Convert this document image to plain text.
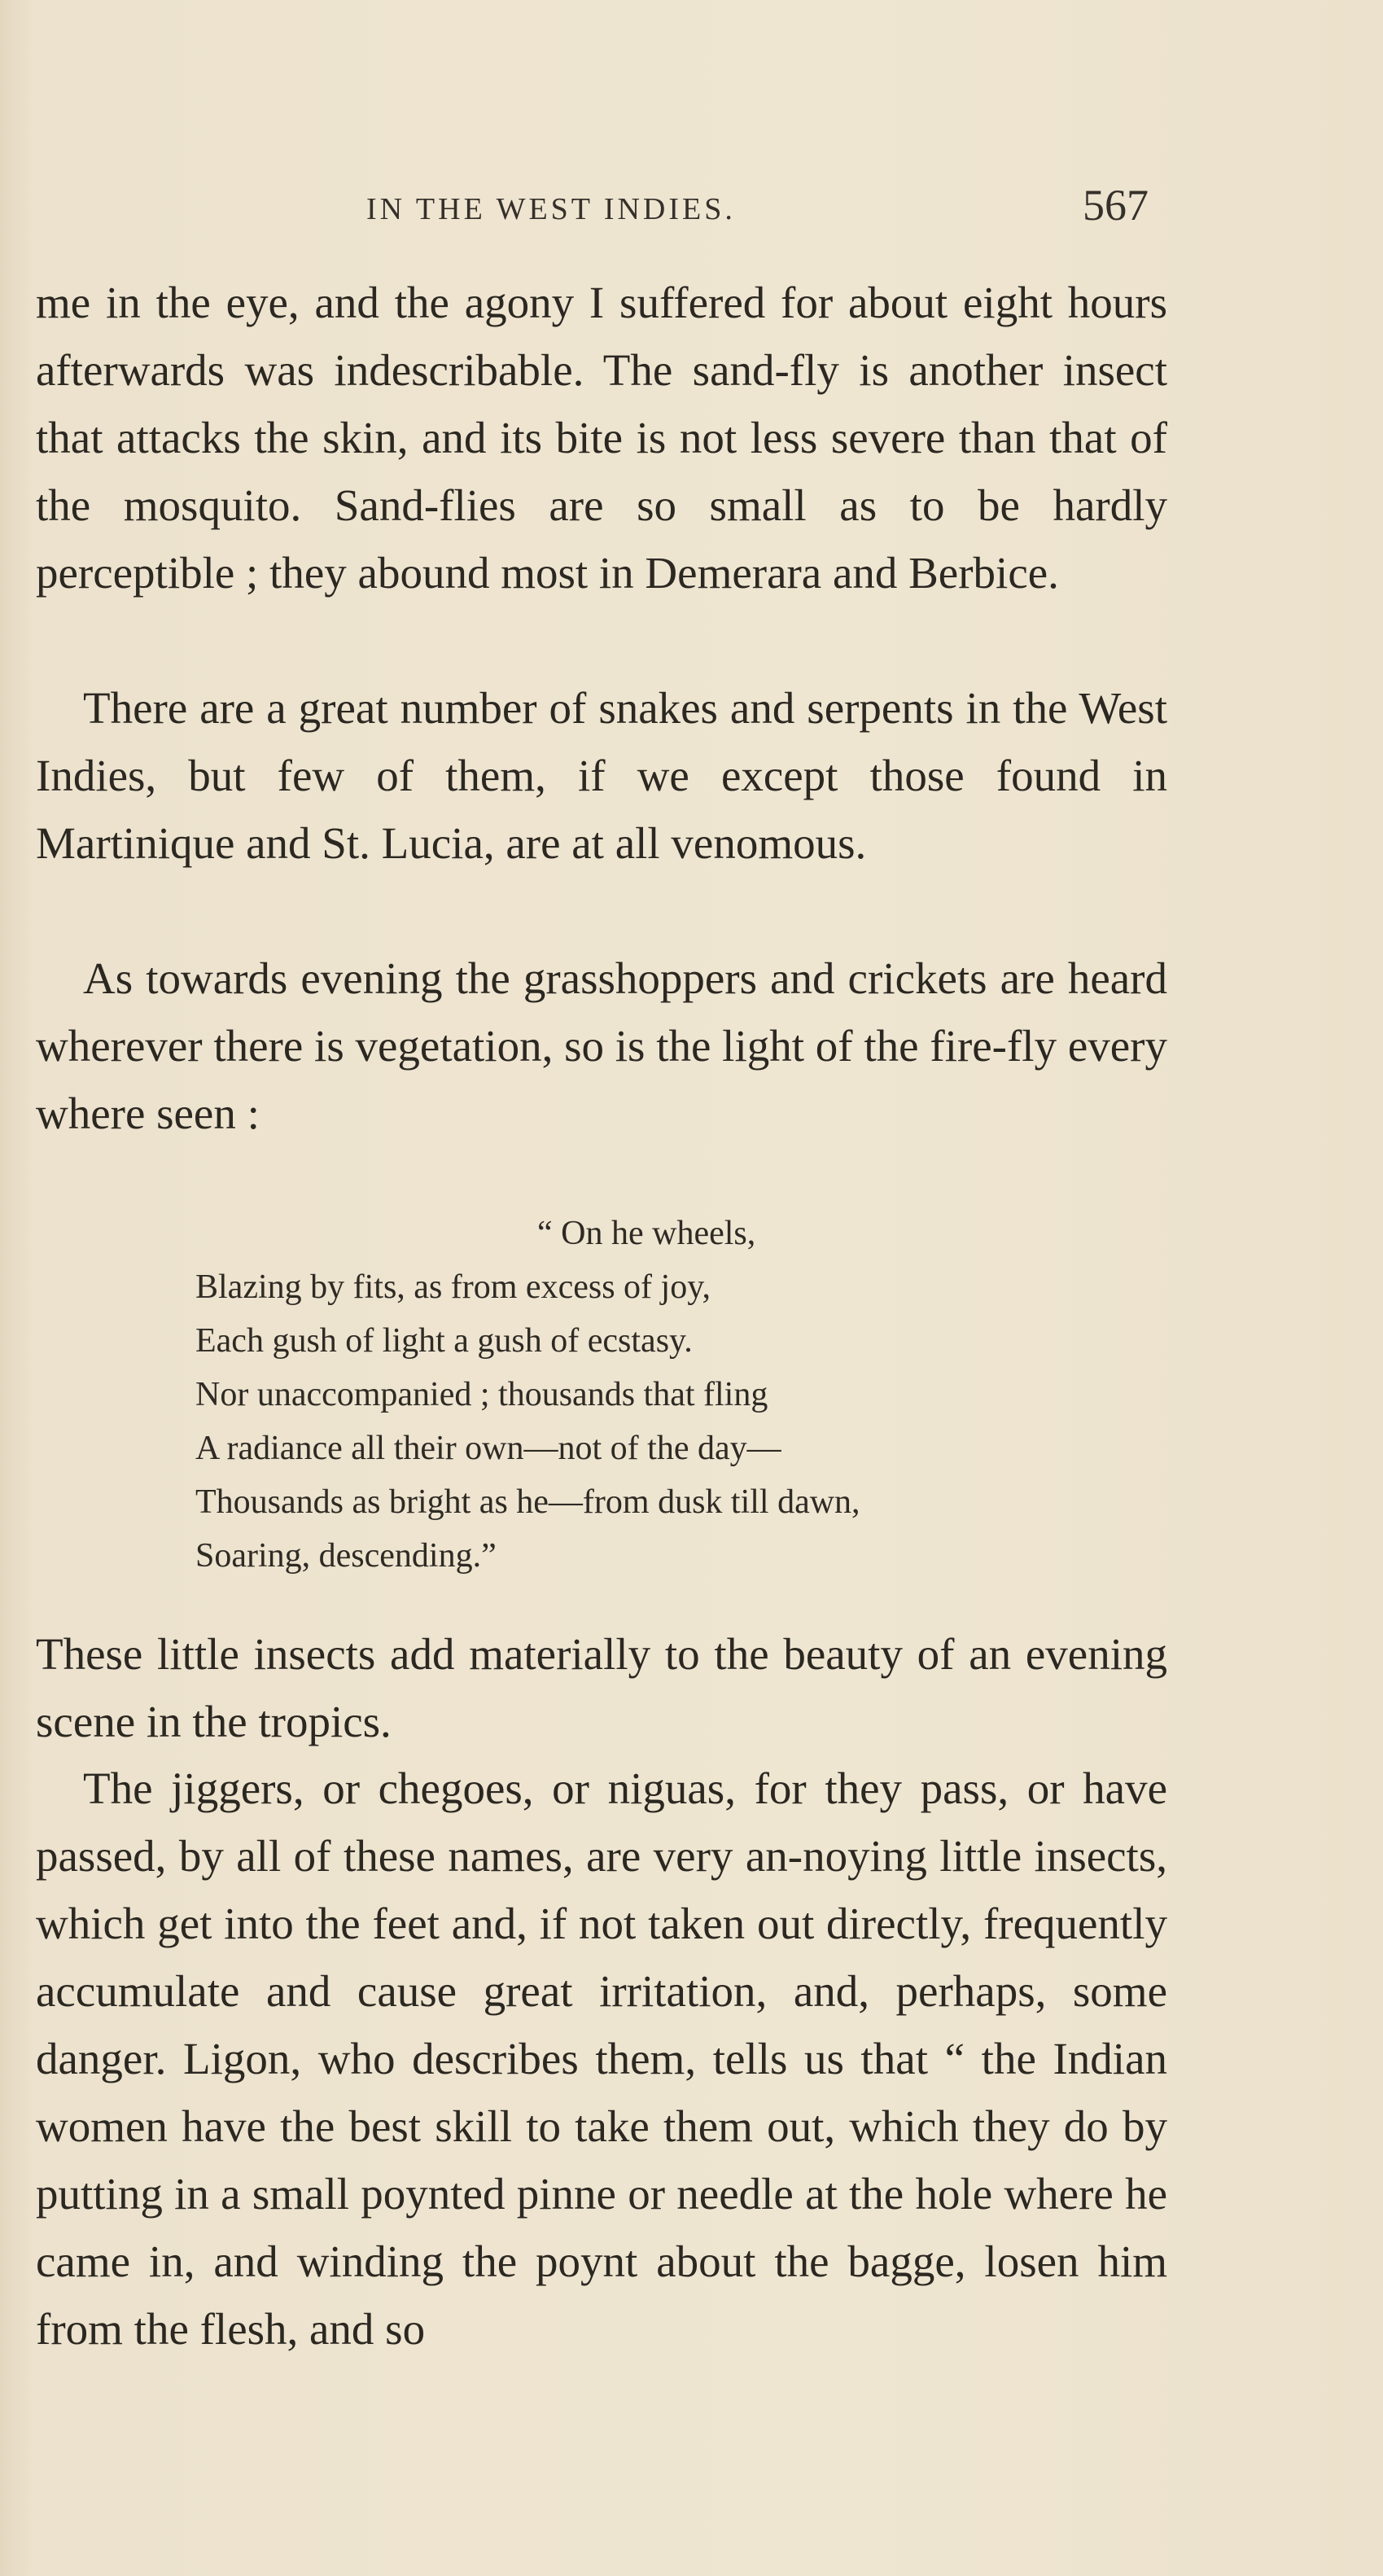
IN THE WEST INDIES.	567

me in the eye, and the agony I suffered for about eight hours afterwards was indescribable. The sand-fly is another insect that attacks the skin, and its bite is not less severe than that of the mosquito. Sand-flies are so small as to be hardly perceptible ; they abound most in Demerara and Berbice.

There are a great number of snakes and serpents in the West Indies, but few of them, if we except those found in Martinique and St. Lucia, are at all venomous.

As towards evening the grasshoppers and crickets are heard wherever there is vegetation, so is the light of the fire-fly every where seen :

“ On he wheels,
Blazing by fits, as from excess of joy,
Each gush of light a gush of ecstasy.
Nor unaccompanied ; thousands that fling
A radiance all their own—not of the day—
Thousands as bright as he—from dusk till dawn,
Soaring, descending.”

These little insects add materially to the beauty of an evening scene in the tropics.

The jiggers, or chegoes, or niguas, for they pass, or have passed, by all of these names, are very an-noying little insects, which get into the feet and, if not taken out directly, frequently accumulate and cause great irritation, and, perhaps, some danger. Ligon, who describes them, tells us that “ the Indian women have the best skill to take them out, which they do by putting in a small poynted pinne or needle at the hole where he came in, and winding the poynt about the bagge, losen him from the flesh, and so
